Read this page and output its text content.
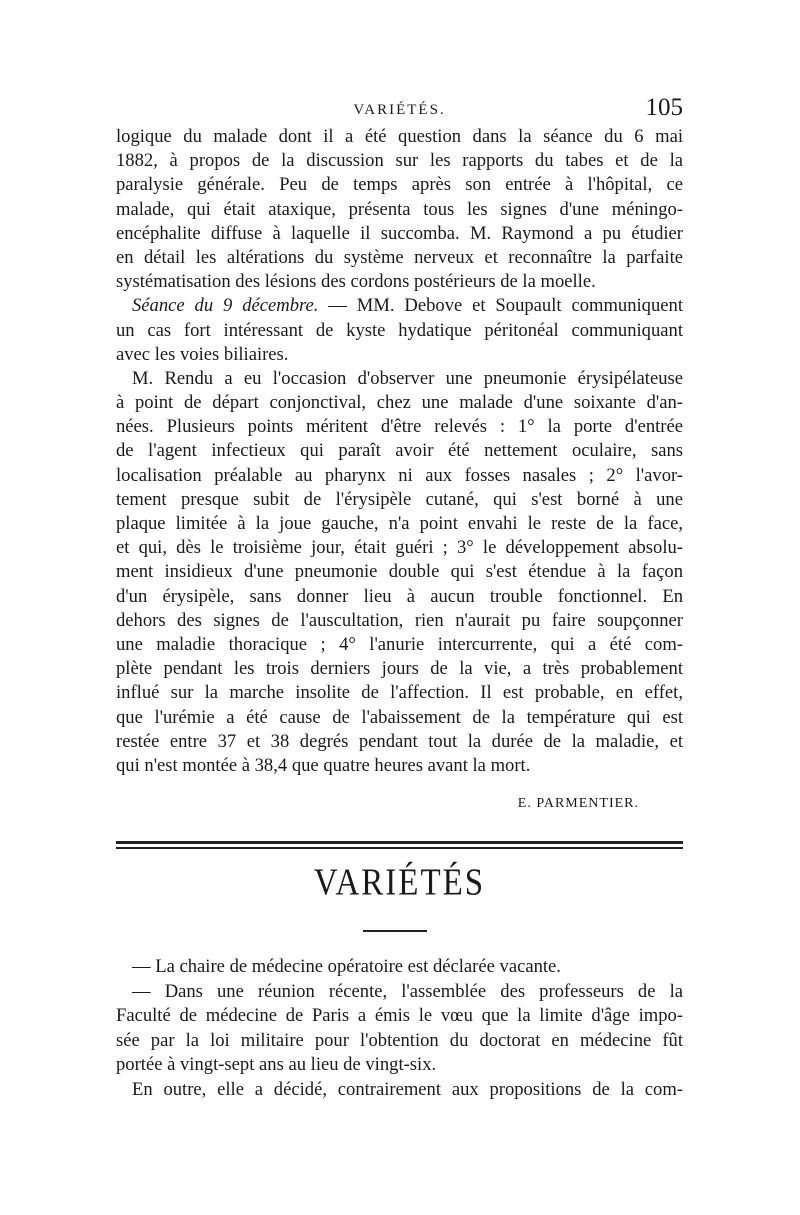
VARIÉTÉS.	105
logique du malade dont il a été question dans la séance du 6 mai
1882, à propos de la discussion sur les rapports du tabes et de la
paralysie générale. Peu de temps après son entrée à l'hôpital, ce
malade, qui était ataxique, présenta tous les signes d'une méningo-
encéphalite diffuse à laquelle il succomba. M. Raymond a pu étudier
en détail les altérations du système nerveux et reconnaître la parfaite
systématisation des lésions des cordons postérieurs de la moelle.
Séance du 9 décembre. — MM. Debove et Soupault communiquent
un cas fort intéressant de kyste hydatique péritonéal communiquant
avec les voies biliaires.
M. Rendu a eu l'occasion d'observer une pneumonie érysipélateuse
à point de départ conjonctival, chez une malade d'une soixante d'an-
nées. Plusieurs points méritent d'être relevés : 1° la porte d'entrée
de l'agent infectieux qui paraît avoir été nettement oculaire, sans
localisation préalable au pharynx ni aux fosses nasales ; 2° l'avor-
tement presque subit de l'érysipèle cutané, qui s'est borné à une
plaque limitée à la joue gauche, n'a point envahi le reste de la face,
et qui, dès le troisième jour, était guéri ; 3° le développement absolu-
ment insidieux d'une pneumonie double qui s'est étendue à la façon
d'un érysipèle, sans donner lieu à aucun trouble fonctionnel. En
dehors des signes de l'auscultation, rien n'aurait pu faire soupçonner
une maladie thoracique ; 4° l'anurie intercurrente, qui a été com-
plète pendant les trois derniers jours de la vie, a très probablement
influé sur la marche insolite de l'affection. Il est probable, en effet,
que l'urémie a été cause de l'abaissement de la température qui est
restée entre 37 et 38 degrés pendant tout la durée de la maladie, et
qui n'est montée à 38,4 que quatre heures avant la mort.
E. PARMENTIER.
VARIÉTÉS
— La chaire de médecine opératoire est déclarée vacante.
— Dans une réunion récente, l'assemblée des professeurs de la
Faculté de médecine de Paris a émis le vœu que la limite d'âge impo-
sée par la loi militaire pour l'obtention du doctorat en médecine fût
portée à vingt-sept ans au lieu de vingt-six.
En outre, elle a décidé, contrairement aux propositions de la com-
